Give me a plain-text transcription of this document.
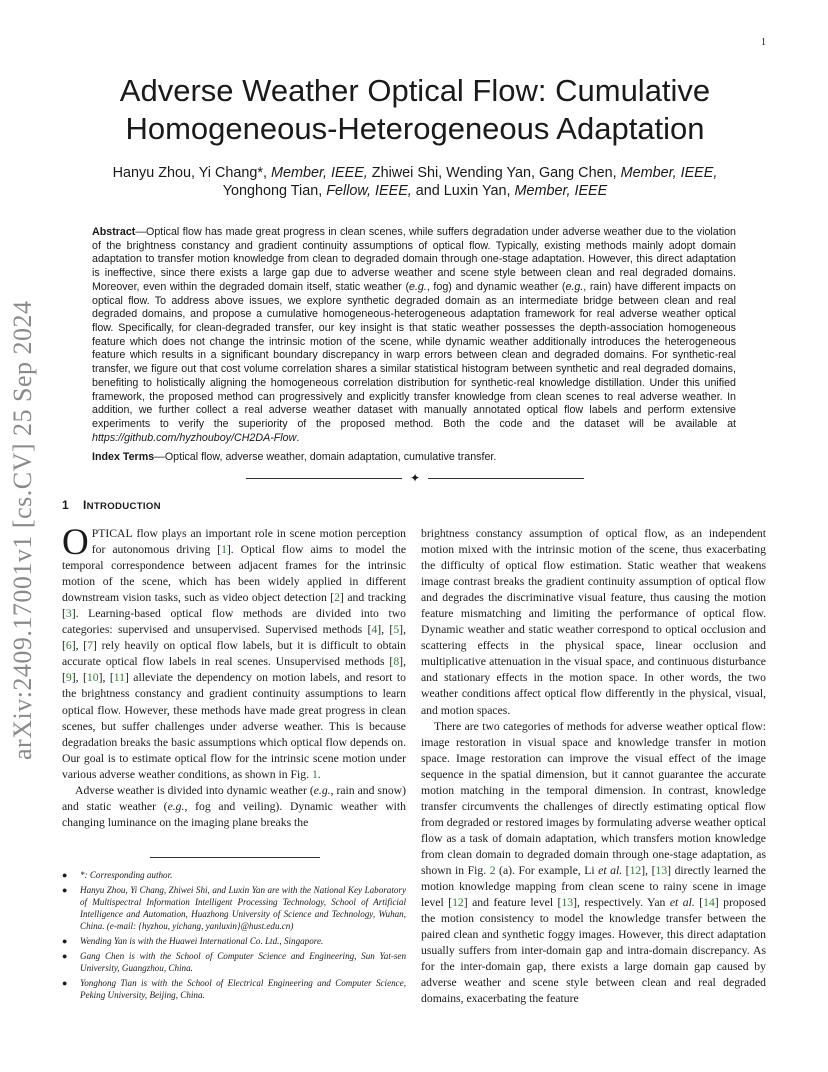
1
arXiv:2409.17001v1 [cs.CV] 25 Sep 2024
Adverse Weather Optical Flow: Cumulative
Homogeneous-Heterogeneous Adaptation
Hanyu Zhou, Yi Chang*, Member, IEEE, Zhiwei Shi, Wending Yan, Gang Chen, Member, IEEE,
Yonghong Tian, Fellow, IEEE, and Luxin Yan, Member, IEEE
Abstract—Optical flow has made great progress in clean scenes, while suffers degradation under adverse weather due to the violation of the brightness constancy and gradient continuity assumptions of optical flow. Typically, existing methods mainly adopt domain adaptation to transfer motion knowledge from clean to degraded domain through one-stage adaptation. However, this direct adaptation is ineffective, since there exists a large gap due to adverse weather and scene style between clean and real degraded domains. Moreover, even within the degraded domain itself, static weather (e.g., fog) and dynamic weather (e.g., rain) have different impacts on optical flow. To address above issues, we explore synthetic degraded domain as an intermediate bridge between clean and real degraded domains, and propose a cumulative homogeneous-heterogeneous adaptation framework for real adverse weather optical flow. Specifically, for clean-degraded transfer, our key insight is that static weather possesses the depth-association homogeneous feature which does not change the intrinsic motion of the scene, while dynamic weather additionally introduces the heterogeneous feature which results in a significant boundary discrepancy in warp errors between clean and degraded domains. For synthetic-real transfer, we figure out that cost volume correlation shares a similar statistical histogram between synthetic and real degraded domains, benefiting to holistically aligning the homogeneous correlation distribution for synthetic-real knowledge distillation. Under this unified framework, the proposed method can progressively and explicitly transfer knowledge from clean scenes to real adverse weather. In addition, we further collect a real adverse weather dataset with manually annotated optical flow labels and perform extensive experiments to verify the superiority of the proposed method. Both the code and the dataset will be available at https://github.com/hyzhouboy/CH2DA-Flow.
Index Terms—Optical flow, adverse weather, domain adaptation, cumulative transfer.
✦
1 INTRODUCTION

OPTICAL flow plays an important role in scene motion perception for autonomous driving [1]. Optical flow aims to model the temporal correspondence between adjacent frames for the intrinsic motion of the scene, which has been widely applied in different downstream vision tasks, such as video object detection [2] and tracking [3]. Learning-based optical flow methods are divided into two categories: supervised and unsupervised. Supervised methods [4], [5], [6], [7] rely heavily on optical flow labels, but it is difficult to obtain accurate optical flow labels in real scenes. Unsupervised methods [8], [9], [10], [11] alleviate the dependency on motion labels, and resort to the brightness constancy and gradient continuity assumptions to learn optical flow. However, these methods have made great progress in clean scenes, but suffer challenges under adverse weather. This is because degradation breaks the basic assumptions which optical flow depends on. Our goal is to estimate optical flow for the intrinsic scene motion under various adverse weather conditions, as shown in Fig. 1.

Adverse weather is divided into dynamic weather (e.g., rain and snow) and static weather (e.g., fog and veiling). Dynamic weather with changing luminance on the imaging plane breaks the

● *: Corresponding author.
● Hanyu Zhou, Yi Chang, Zhiwei Shi, and Luxin Yan are with the National Key Laboratory of Multispectral Information Intelligent Processing Technology, School of Artificial Intelligence and Automation, Huazhong University of Science and Technology, Wuhan, China. (e-mail: {hyzhou, yichang, yanluxin}@hust.edu.cn)
● Wending Yan is with the Huawei International Co. Ltd., Singapore.
● Gang Chen is with the School of Computer Science and Engineering, Sun Yat-sen University, Guangzhou, China.
● Yonghong Tian is with the School of Electrical Engineering and Computer Science, Peking University, Beijing, China.

brightness constancy assumption of optical flow, as an independent motion mixed with the intrinsic motion of the scene, thus exacerbating the difficulty of optical flow estimation. Static weather that weakens image contrast breaks the gradient continuity assumption of optical flow and degrades the discriminative visual feature, thus causing the motion feature mismatching and limiting the performance of optical flow. Dynamic weather and static weather correspond to optical occlusion and scattering effects in the physical space, linear occlusion and multiplicative attenuation in the visual space, and continuous disturbance and stationary effects in the motion space. In other words, the two weather conditions affect optical flow differently in the physical, visual, and motion spaces.

There are two categories of methods for adverse weather optical flow: image restoration in visual space and knowledge transfer in motion space. Image restoration can improve the visual effect of the image sequence in the spatial dimension, but it cannot guarantee the accurate motion matching in the temporal dimension. In contrast, knowledge transfer circumvents the challenges of directly estimating optical flow from degraded or restored images by formulating adverse weather optical flow as a task of domain adaptation, which transfers motion knowledge from clean domain to degraded domain through one-stage adaptation, as shown in Fig. 2 (a). For example, Li et al. [12], [13] directly learned the motion knowledge mapping from clean scene to rainy scene in image level [12] and feature level [13], respectively. Yan et al. [14] proposed the motion consistency to model the knowledge transfer between the paired clean and synthetic foggy images. However, this direct adaptation usually suffers from inter-domain gap and intra-domain discrepancy. As for the inter-domain gap, there exists a large domain gap caused by adverse weather and scene style between clean and real degraded domains, exacerbating the feature
